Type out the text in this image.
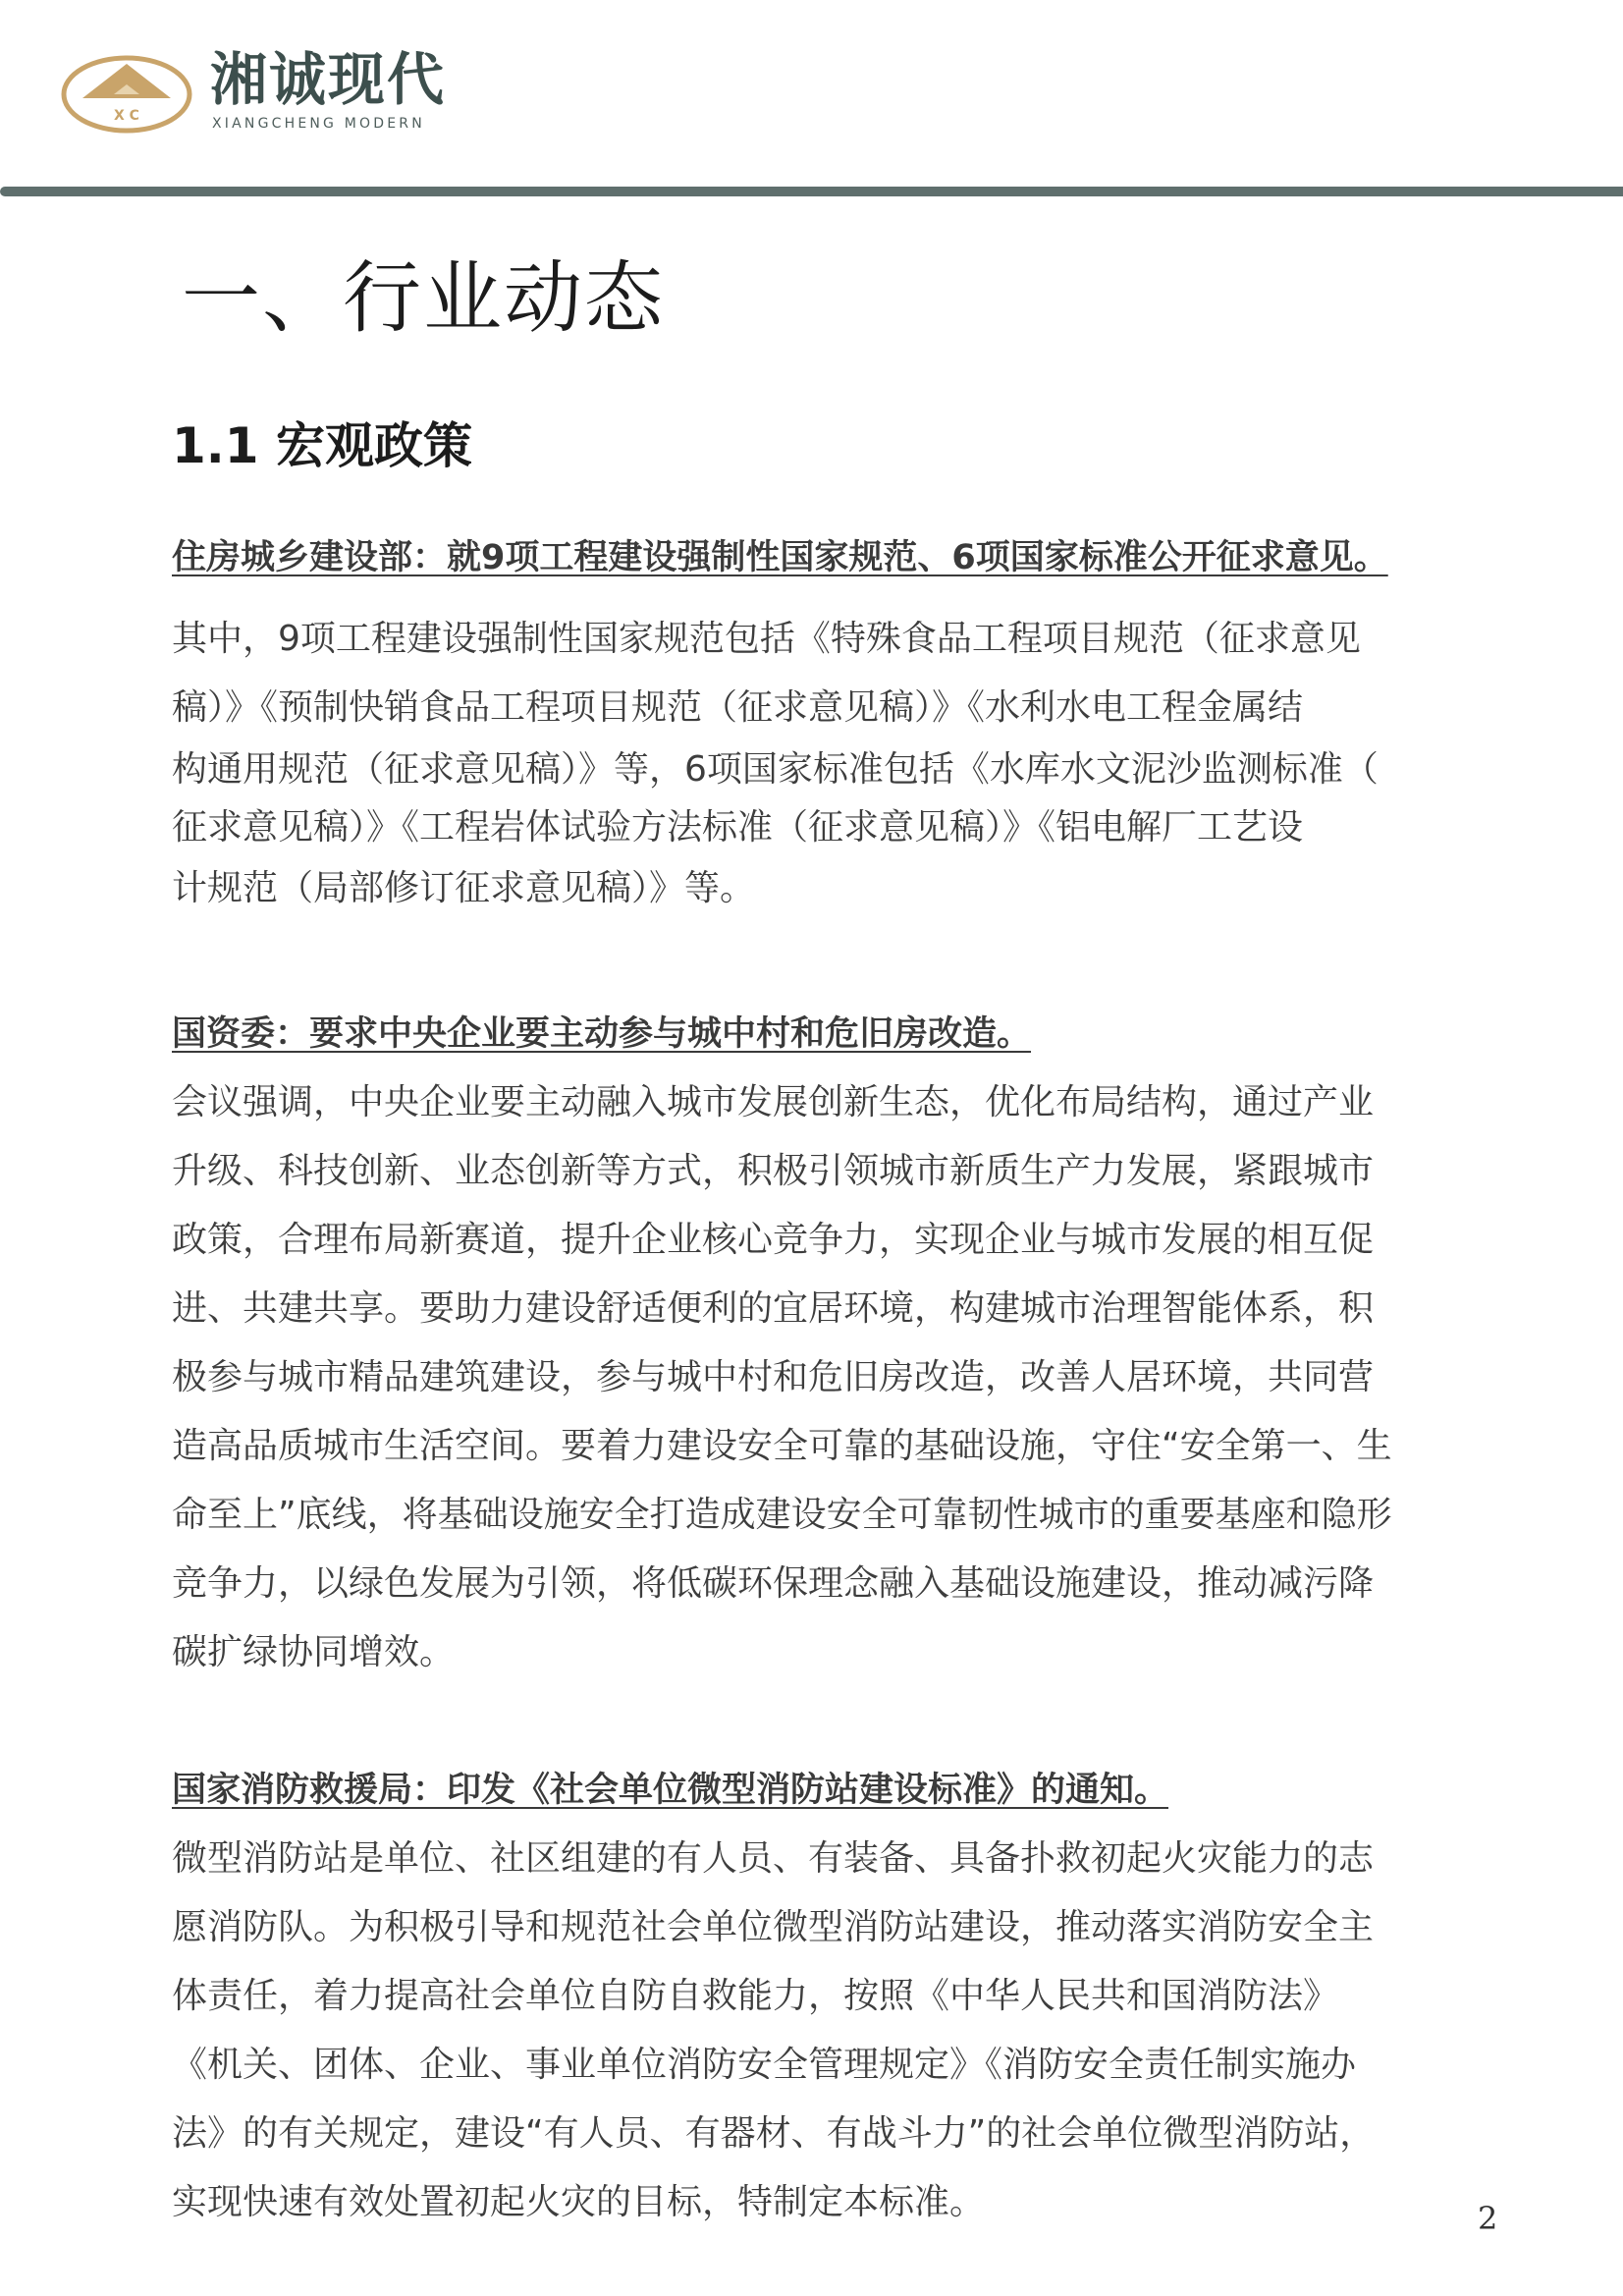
X C
湘诚现代
XIANGCHENG MODERN
一、行业动态
1.1 宏观政策
住房城乡建设部：就9项工程建设强制性国家规范、6项国家标准公开征求意见。
其中，9项工程建设强制性国家规范包括《特殊食品工程项目规范（征求意见
稿）》《预制快销食品工程项目规范（征求意见稿）》《水利水电工程金属结
构通用规范（征求意见稿）》等，6项国家标准包括《水库水文泥沙监测标准（
征求意见稿）》《工程岩体试验方法标准（征求意见稿）》《铝电解厂工艺设
计规范（局部修订征求意见稿）》等。
国资委：要求中央企业要主动参与城中村和危旧房改造。
会议强调，中央企业要主动融入城市发展创新生态，优化布局结构，通过产业
升级、科技创新、业态创新等方式，积极引领城市新质生产力发展，紧跟城市
政策，合理布局新赛道，提升企业核心竞争力，实现企业与城市发展的相互促
进、共建共享。要助力建设舒适便利的宜居环境，构建城市治理智能体系，积
极参与城市精品建筑建设，参与城中村和危旧房改造，改善人居环境，共同营
造高品质城市生活空间。要着力建设安全可靠的基础设施，守住“安全第一、生
命至上”底线，将基础设施安全打造成建设安全可靠韧性城市的重要基座和隐形
竞争力，以绿色发展为引领，将低碳环保理念融入基础设施建设，推动减污降
碳扩绿协同增效。
国家消防救援局：印发《社会单位微型消防站建设标准》的通知。
微型消防站是单位、社区组建的有人员、有装备、具备扑救初起火灾能力的志
愿消防队。为积极引导和规范社会单位微型消防站建设，推动落实消防安全主
体责任，着力提高社会单位自防自救能力，按照《中华人民共和国消防法》
《机关、团体、企业、事业单位消防安全管理规定》《消防安全责任制实施办
法》的有关规定，建设“有人员、有器材、有战斗力”的社会单位微型消防站，
实现快速有效处置初起火灾的目标，特制定本标准。	2
